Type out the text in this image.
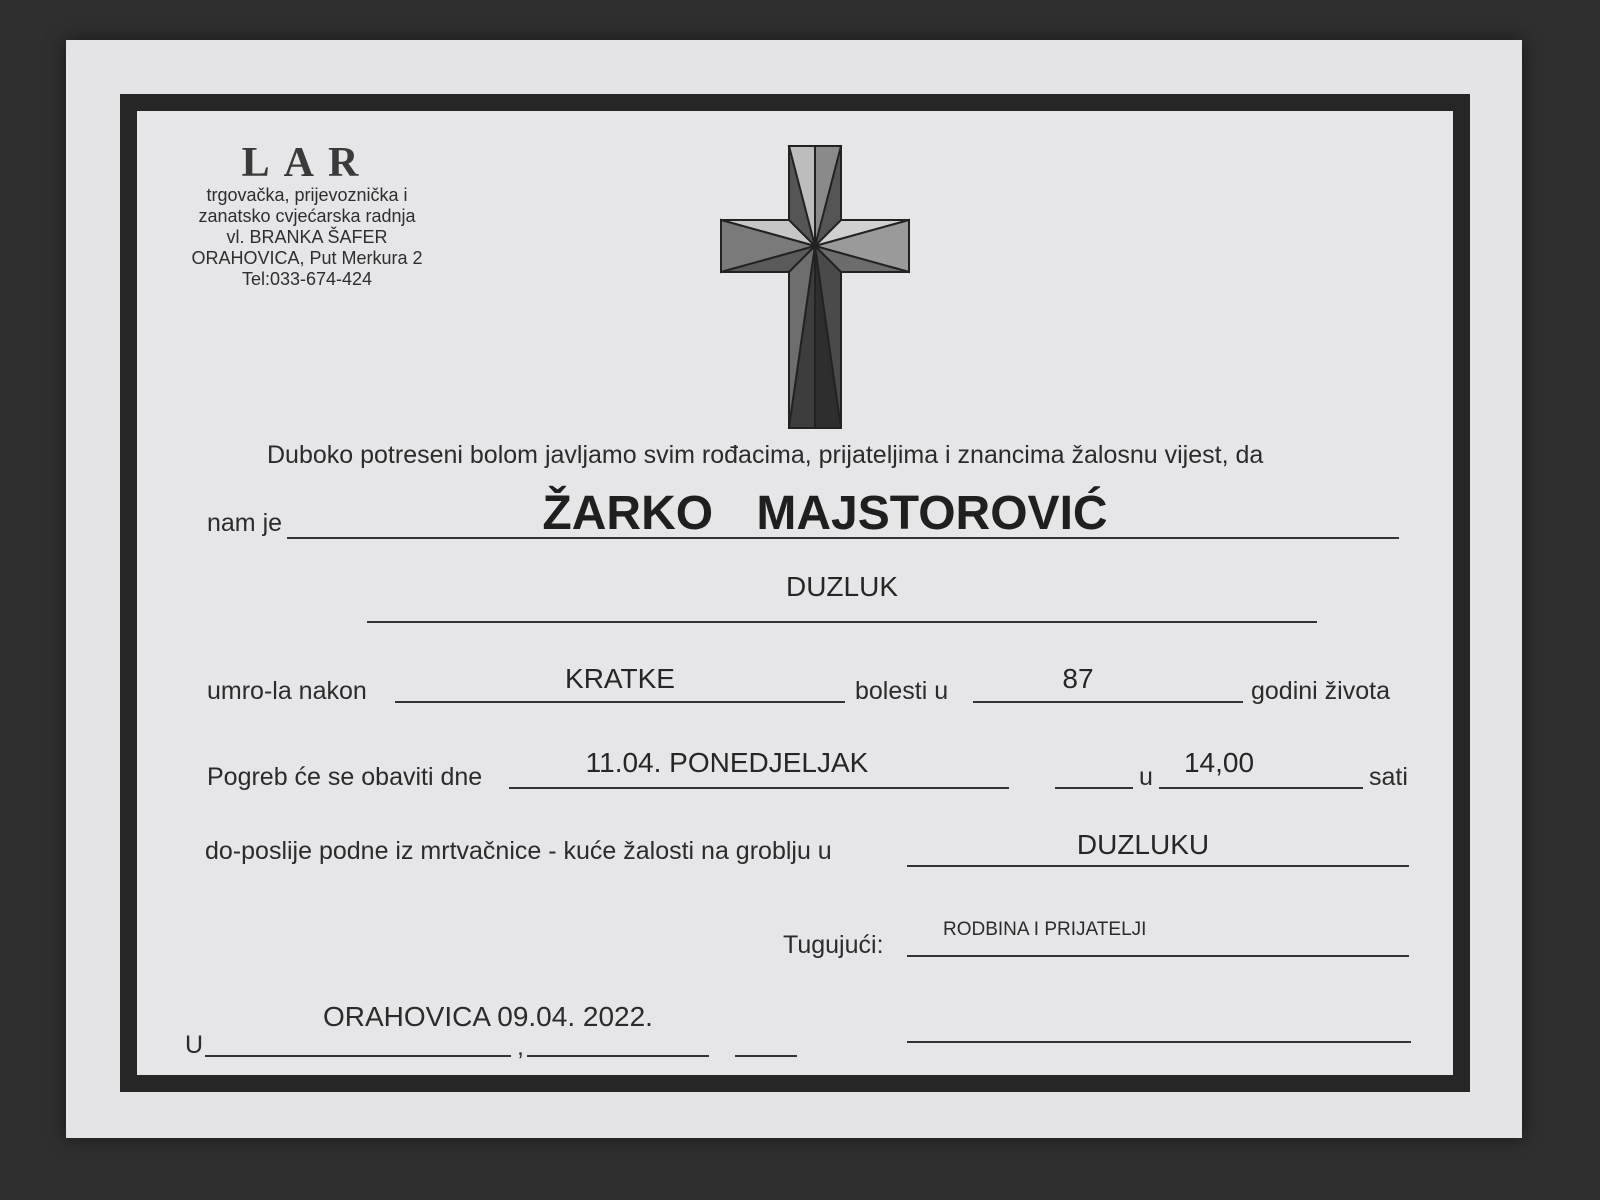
LAR
trgovačka, prijevoznička i
zanatsko cvjećarska radnja
vl. BRANKA ŠAFER
ORAHOVICA, Put Merkura 2
Tel:033-674-424
Duboko potreseni bolom javljamo svim rođacima, prijateljima i znancima žalosnu vijest, da
nam je	ŽARKO MAJSTOROVIĆ
DUZLUK
umro-la nakon	KRATKE	bolesti u	87	godini života
Pogreb će se obaviti dne	11.04. PONEDJELJAK	u	14,00	sati
do-poslije podne iz mrtvačnice - kuće žalosti na groblju u	DUZLUKU
Tugujući:
RODBINA I PRIJATELJI
U	,
ORAHOVICA 09.04. 2022.
